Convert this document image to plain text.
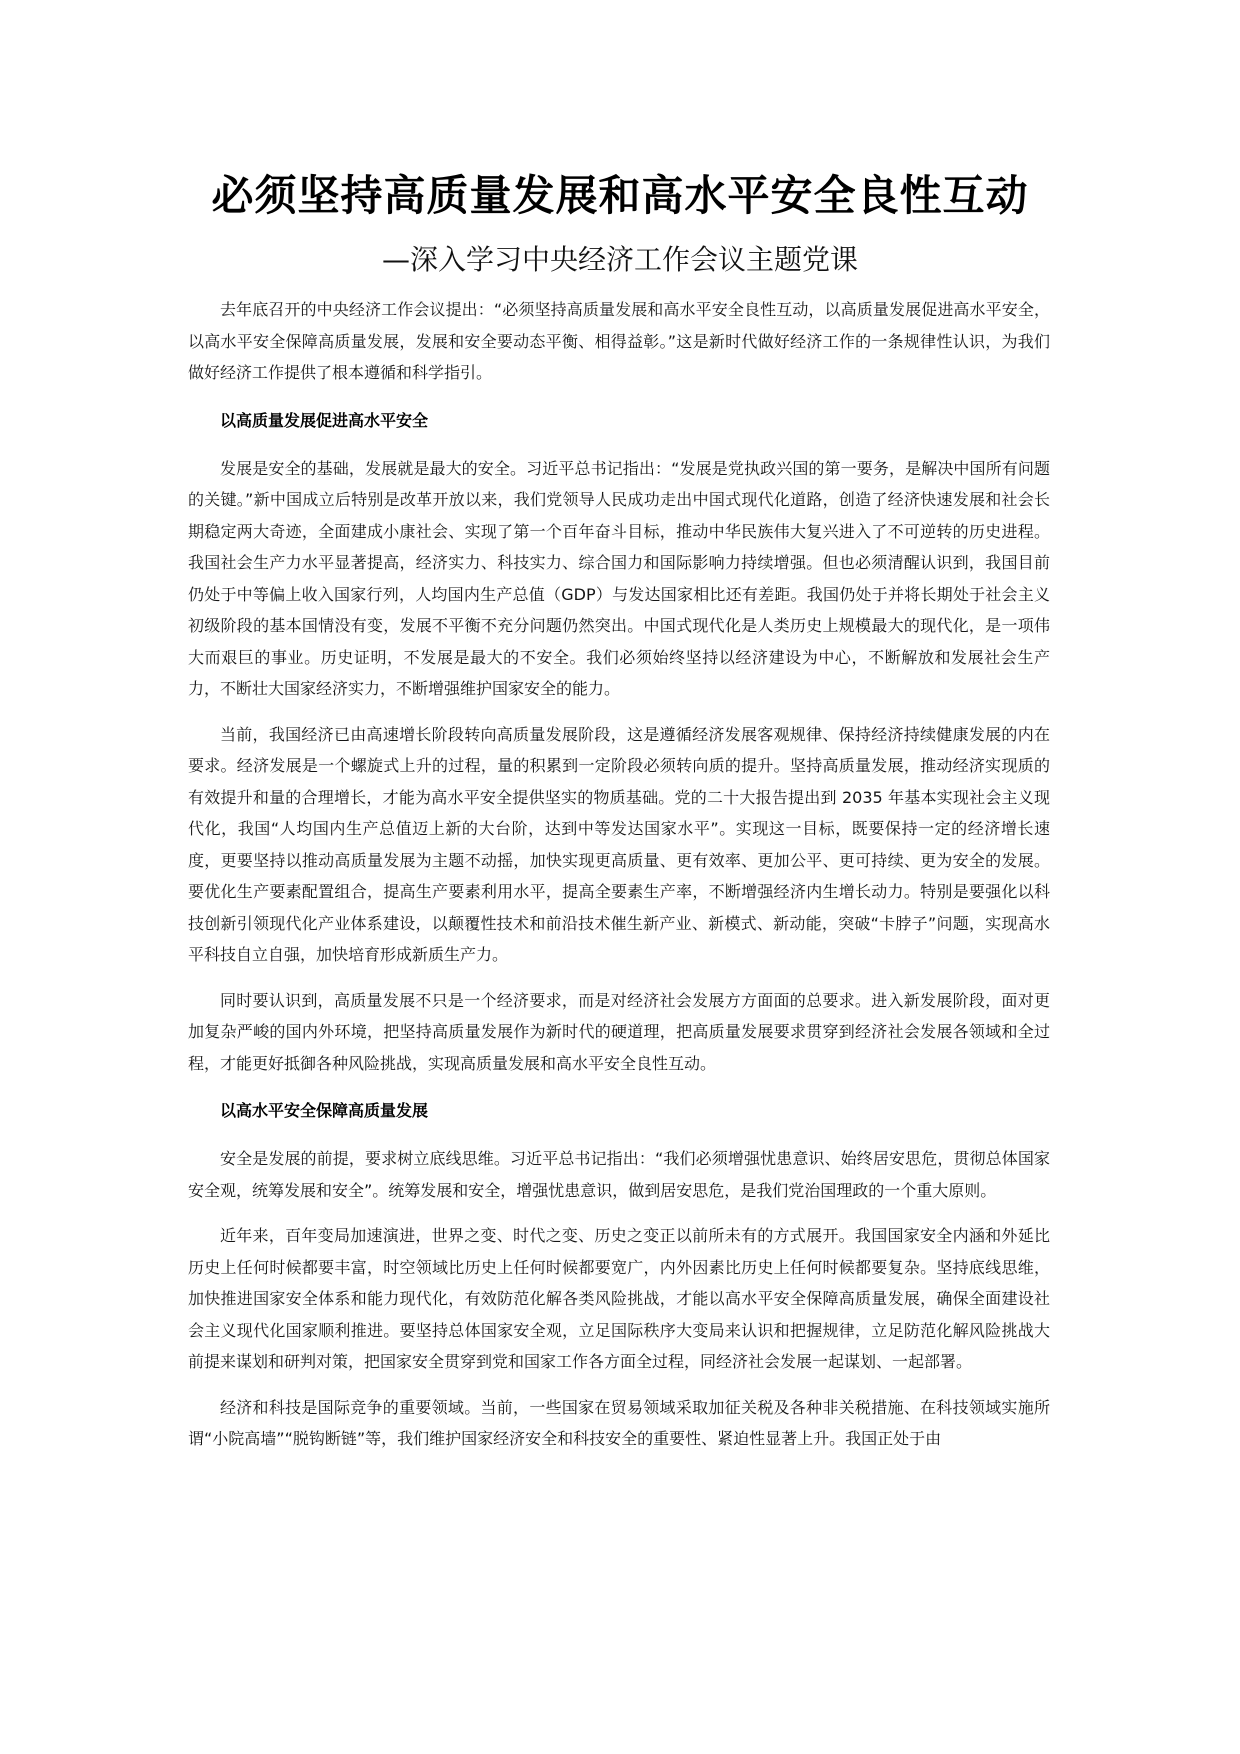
必须坚持高质量发展和高水平安全良性互动
—深入学习中央经济工作会议主题党课

去年底召开的中央经济工作会议提出：“必须坚持高质量发展和高水平安全良性互动，以高质量发展促进高水平安全，以高水平安全保障高质量发展，发展和安全要动态平衡、相得益彰。”这是新时代做好经济工作的一条规律性认识，为我们做好经济工作提供了根本遵循和科学指引。

以高质量发展促进高水平安全

发展是安全的基础，发展就是最大的安全。习近平总书记指出：“发展是党执政兴国的第一要务，是解决中国所有问题的关键。”新中国成立后特别是改革开放以来，我们党领导人民成功走出中国式现代化道路，创造了经济快速发展和社会长期稳定两大奇迹，全面建成小康社会、实现了第一个百年奋斗目标，推动中华民族伟大复兴进入了不可逆转的历史进程。我国社会生产力水平显著提高，经济实力、科技实力、综合国力和国际影响力持续增强。但也必须清醒认识到，我国目前仍处于中等偏上收入国家行列，人均国内生产总值（GDP）与发达国家相比还有差距。我国仍处于并将长期处于社会主义初级阶段的基本国情没有变，发展不平衡不充分问题仍然突出。中国式现代化是人类历史上规模最大的现代化，是一项伟大而艰巨的事业。历史证明，不发展是最大的不安全。我们必须始终坚持以经济建设为中心，不断解放和发展社会生产力，不断壮大国家经济实力，不断增强维护国家安全的能力。

当前，我国经济已由高速增长阶段转向高质量发展阶段，这是遵循经济发展客观规律、保持经济持续健康发展的内在要求。经济发展是一个螺旋式上升的过程，量的积累到一定阶段必须转向质的提升。坚持高质量发展，推动经济实现质的有效提升和量的合理增长，才能为高水平安全提供坚实的物质基础。党的二十大报告提出到 2035 年基本实现社会主义现代化，我国“人均国内生产总值迈上新的大台阶，达到中等发达国家水平”。实现这一目标，既要保持一定的经济增长速度，更要坚持以推动高质量发展为主题不动摇，加快实现更高质量、更有效率、更加公平、更可持续、更为安全的发展。要优化生产要素配置组合，提高生产要素利用水平，提高全要素生产率，不断增强经济内生增长动力。特别是要强化以科技创新引领现代化产业体系建设，以颠覆性技术和前沿技术催生新产业、新模式、新动能，突破“卡脖子”问题，实现高水平科技自立自强，加快培育形成新质生产力。

同时要认识到，高质量发展不只是一个经济要求，而是对经济社会发展方方面面的总要求。进入新发展阶段，面对更加复杂严峻的国内外环境，把坚持高质量发展作为新时代的硬道理，把高质量发展要求贯穿到经济社会发展各领域和全过程，才能更好抵御各种风险挑战，实现高质量发展和高水平安全良性互动。

以高水平安全保障高质量发展

安全是发展的前提，要求树立底线思维。习近平总书记指出：“我们必须增强忧患意识、始终居安思危，贯彻总体国家安全观，统筹发展和安全”。统筹发展和安全，增强忧患意识，做到居安思危，是我们党治国理政的一个重大原则。

近年来，百年变局加速演进，世界之变、时代之变、历史之变正以前所未有的方式展开。我国国家安全内涵和外延比历史上任何时候都要丰富，时空领域比历史上任何时候都要宽广，内外因素比历史上任何时候都要复杂。坚持底线思维，加快推进国家安全体系和能力现代化，有效防范化解各类风险挑战，才能以高水平安全保障高质量发展，确保全面建设社会主义现代化国家顺利推进。要坚持总体国家安全观，立足国际秩序大变局来认识和把握规律，立足防范化解风险挑战大前提来谋划和研判对策，把国家安全贯穿到党和国家工作各方面全过程，同经济社会发展一起谋划、一起部署。

经济和科技是国际竞争的重要领域。当前，一些国家在贸易领域采取加征关税及各种非关税措施、在科技领域实施所谓“小院高墙”“脱钩断链”等，我们维护国家经济安全和科技安全的重要性、紧迫性显著上升。我国正处于由
